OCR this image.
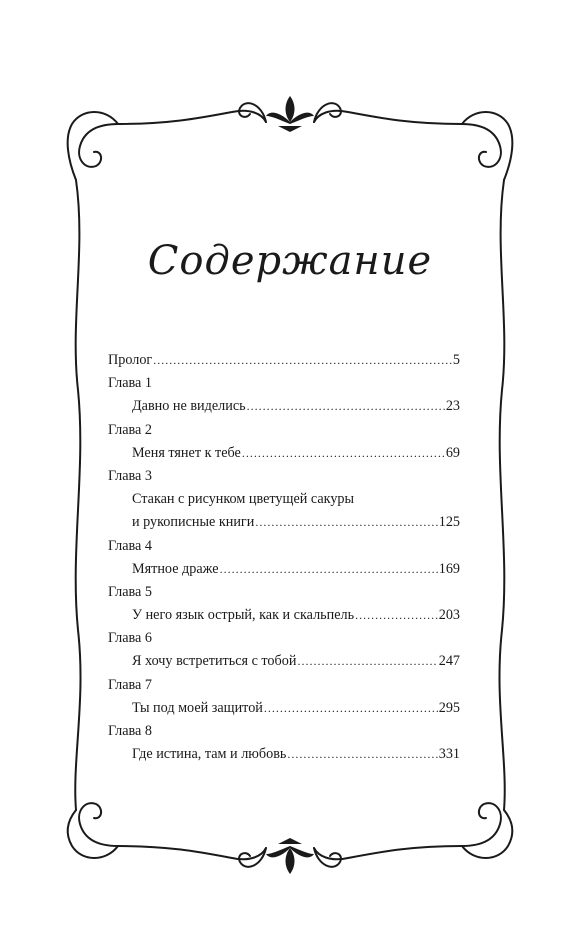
Содержание
Пролог .....	5
Глава 1
Давно не виделись .....	23
Глава 2
Меня тянет к тебе .....	69
Глава 3
Стакан с рисунком цветущей сакуры
и рукописные книги .....	125
Глава 4
Мятное драже .....	169
Глава 5
У него язык острый, как и скальпель .....	203
Глава 6
Я хочу встретиться с тобой .....	247
Глава 7
Ты под моей защитой .....	295
Глава 8
Где истина, там и любовь .....	331
